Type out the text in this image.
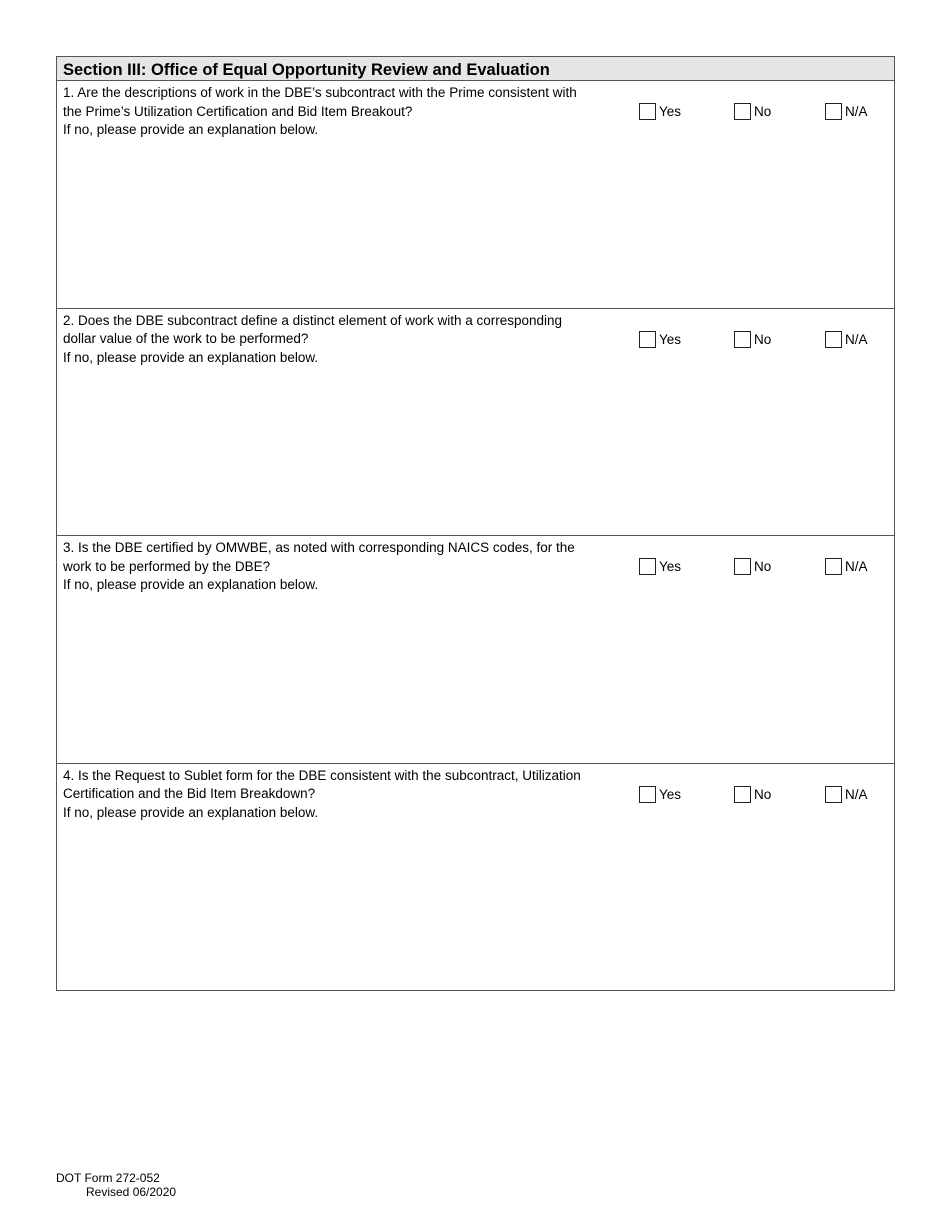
Section III: Office of Equal Opportunity Review and Evaluation
1. Are the descriptions of work in the DBE’s subcontract with the Prime consistent with
the Prime’s Utilization Certification and Bid Item Breakout?
If no, please provide an explanation below.
Yes	No	N/A
2. Does the DBE subcontract define a distinct element of work with a corresponding
dollar value of the work to be performed?
If no, please provide an explanation below.
Yes	No	N/A
3. Is the DBE certified by OMWBE, as noted with corresponding NAICS codes, for the
work to be performed by the DBE?
If no, please provide an explanation below.
Yes	No	N/A
4. Is the Request to Sublet form for the DBE consistent with the subcontract, Utilization
Certification and the Bid Item Breakdown?
If no, please provide an explanation below.
Yes	No	N/A
DOT Form 272-052
Revised 06/2020
